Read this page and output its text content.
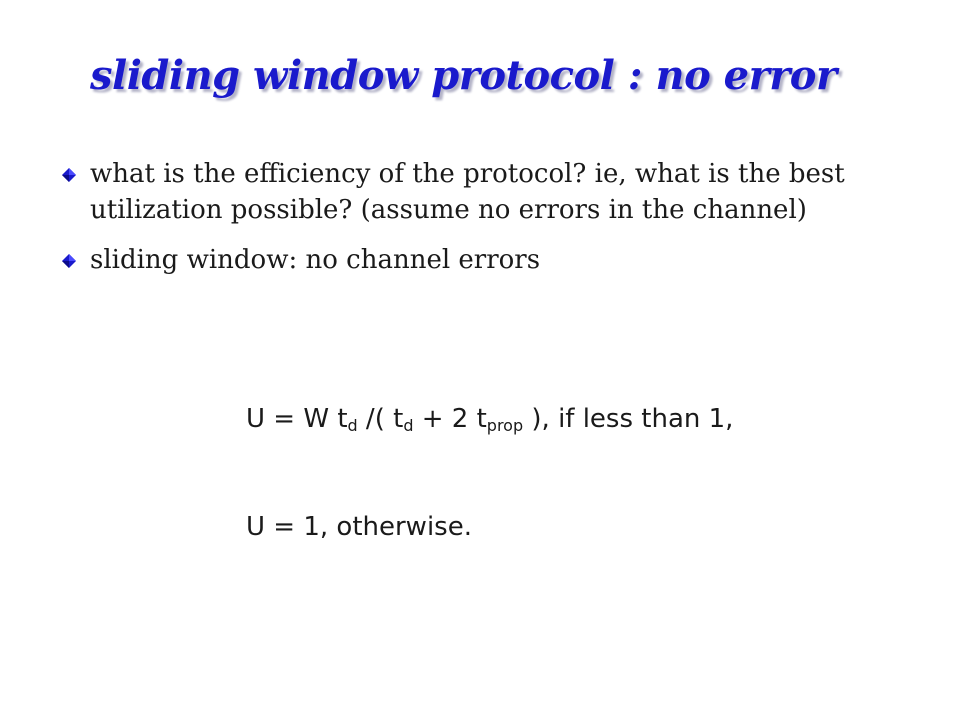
sliding window protocol : no error
what is the efficiency of the protocol? ie, what is the best utilization possible? (assume no errors in the channel)
sliding window: no channel errors
U = W $t_d$ /( $t_d + 2$ $t_{prop}$ ), if less than 1,
U = 1, otherwise.
